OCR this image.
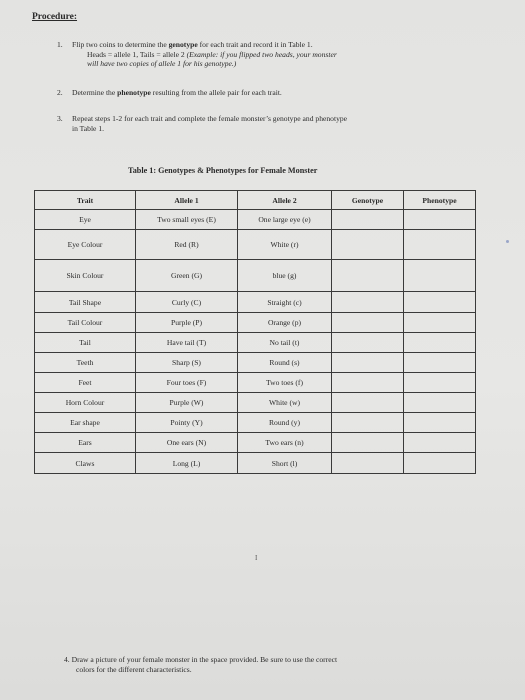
Procedure:
1. Flip two coins to determine the genotype for each trait and record it in Table 1.
Heads = allele 1, Tails = allele 2 (Example: if you flipped two heads, your monster
will have two copies of allele 1 for his genotype.)
2. Determine the phenotype resulting from the allele pair for each trait.
3. Repeat steps 1-2 for each trait and complete the female monster’s genotype and phenotype
in Table 1.
Table 1: Genotypes & Phenotypes for Female Monster
Trait	Allele 1	Allele 2	Genotype	Phenotype
Eye	Two small eyes (E)	One large eye (e)		
Eye Colour	Red (R)	White (r)		
Skin Colour	Green (G)	blue (g)		
Tail Shape	Curly (C)	Straight (c)		
Tail Colour	Purple (P)	Orange (p)		
Tail	Have tail (T)	No tail (t)		
Teeth	Sharp (S)	Round (s)		
Feet	Four toes (F)	Two toes (f)		
Horn Colour	Purple (W)	White (w)		
Ear shape	Pointy (Y)	Round (y)		
Ears	One ears (N)	Two ears (n)		
Claws	Long (L)	Short (l)		
I
4. Draw a picture of your female monster in the space provided. Be sure to use the correct
colors for the different characteristics.
